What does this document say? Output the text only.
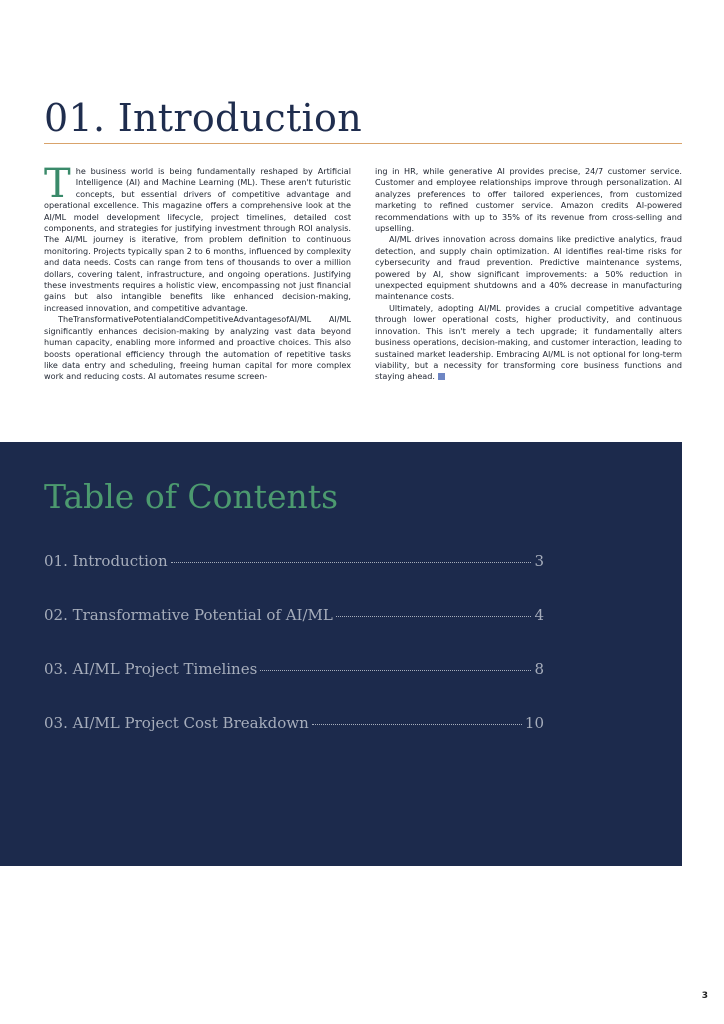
01. Introduction

The business world is being fundamentally reshaped by Artificial Intelligence (AI) and Machine Learning (ML). These aren't futuristic concepts, but essential drivers of competitive advantage and operational excellence. This magazine offers a comprehensive look at the AI/ML model development lifecycle, project timelines, detailed cost components, and strategies for justifying investment through ROI analysis. The AI/ML journey is iterative, from problem definition to continuous monitoring. Projects typically span 2 to 6 months, influenced by complexity and data needs. Costs can range from tens of thousands to over a million dollars, covering talent, infrastructure, and ongoing operations. Justifying these investments requires a holistic view, encompassing not just financial gains but also intangible benefits like enhanced decision-making, increased innovation, and competitive advantage.

TheTransformativePotentialandCompetitiveAdvantagesofAI/ML AI/ML significantly enhances decision-making by analyzing vast data beyond human capacity, enabling more informed and proactive choices. This also boosts operational efficiency through the automation of repetitive tasks like data entry and scheduling, freeing human capital for more complex work and reducing costs. AI automates resume screen-

ing in HR, while generative AI provides precise, 24/7 customer service. Customer and employee relationships improve through personalization. AI analyzes preferences to offer tailored experiences, from customized marketing to refined customer service. Amazon credits AI-powered recommendations with up to 35% of its revenue from cross-selling and upselling.

AI/ML drives innovation across domains like predictive analytics, fraud detection, and supply chain optimization. AI identifies real-time risks for cybersecurity and fraud prevention. Predictive maintenance systems, powered by AI, show significant improvements: a 50% reduction in unexpected equipment shutdowns and a 40% decrease in manufacturing maintenance costs.

Ultimately, adopting AI/ML provides a crucial competitive advantage through lower operational costs, higher productivity, and continuous innovation. This isn't merely a tech upgrade; it fundamentally alters business operations, decision-making, and customer interaction, leading to sustained market leadership. Embracing AI/ML is not optional for long-term viability, but a necessity for transforming core business functions and staying ahead.

Table of Contents
01. Introduction	3
02. Transformative Potential of AI/ML	4
03. AI/ML Project Timelines	8
03. AI/ML Project Cost Breakdown	10
3
